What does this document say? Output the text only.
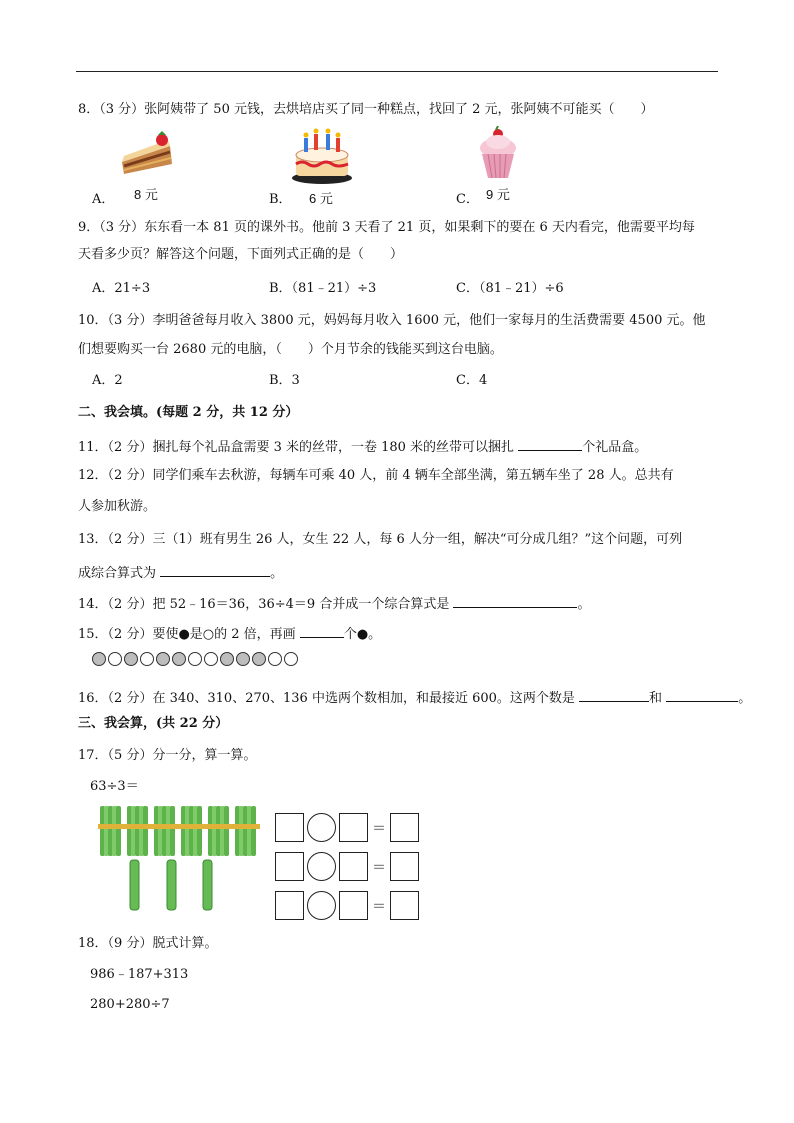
8．（3 分）张阿姨带了 50 元钱，去烘培店买了同一种糕点，找回了 2 元，张阿姨不可能买（　　）
8 元	6 元	9 元
A．	B．	C．
9．（3 分）东东看一本 81 页的课外书。他前 3 天看了 21 页，如果剩下的要在 6 天内看完，他需要平均每
天看多少页？解答这个问题，下面列式正确的是（　　）
A．21÷3	B．（81﹣21）÷3	C．（81﹣21）÷6
10．（3 分）李明爸爸每月收入 3800 元，妈妈每月收入 1600 元，他们一家每月的生活费需要 4500 元。他
们想要购买一台 2680 元的电脑，（　　）个月节余的钱能买到这台电脑。
A．2	B．3	C．4
二、我会填。(每题 2 分，共 12 分）
11．（2 分）捆扎每个礼品盒需要 3 米的丝带，一卷 180 米的丝带可以捆扎	个礼品盒。
12．（2 分）同学们乘车去秋游，每辆车可乘 40 人，前 4 辆车全部坐满，第五辆车坐了 28 人。总共有
人参加秋游。
13．（2 分）三（1）班有男生 26 人，女生 22 人，每 6 人分一组，解决“可分成几组？”这个问题，可列
成综合算式为	。
14．（2 分）把 52﹣16＝36，36÷4＝9 合并成一个综合算式是	。
15．（2 分）要使●是○的 2 倍，再画	个●。
16．（2 分）在 340、310、270、136 中选两个数相加，和最接近 600。这两个数是	和	。
三、我会算，(共 22 分）
17．（5 分）分一分，算一算。
63÷3＝
＝
＝
＝
18．（9 分）脱式计算。
986﹣187+313
280+280÷7
